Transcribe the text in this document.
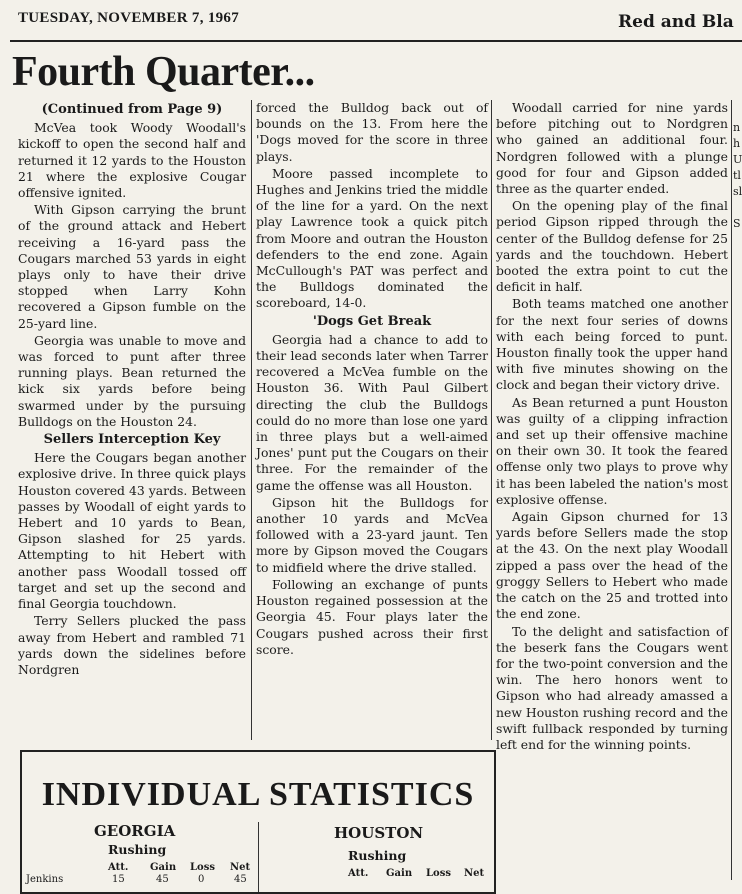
TUESDAY, NOVEMBER 7, 1967	Red and Bla
Fourth Quarter...
(Continued from Page 9)

McVea took Woody Woodall's kickoff to open the second half and returned it 12 yards to the Houston 21 where the explosive Cougar offensive ignited.

With Gipson carrying the brunt of the ground attack and Hebert receiving a 16-yard pass the Cougars marched 53 yards in eight plays only to have their drive stopped when Larry Kohn recovered a Gipson fumble on the 25-yard line.

Georgia was unable to move and was forced to punt after three running plays. Bean returned the kick six yards before being swarmed under by the pursuing Bulldogs on the Houston 24.

Sellers Interception Key

Here the Cougars began another explosive drive. In three quick plays Houston covered 43 yards. Between passes by Woodall of eight yards to Hebert and 10 yards to Bean, Gipson slashed for 25 yards. Attempting to hit Hebert with another pass Woodall tossed off target and set up the second and final Georgia touchdown.

Terry Sellers plucked the pass away from Hebert and rambled 71 yards down the sidelines before Nordgren

forced the Bulldog back out of bounds on the 13. From here the 'Dogs moved for the score in three plays.

Moore passed incomplete to Hughes and Jenkins tried the middle of the line for a yard. On the next play Lawrence took a quick pitch from Moore and outran the Houston defenders to the end zone. Again McCullough's PAT was perfect and the Bulldogs dominated the scoreboard, 14-0.

'Dogs Get Break

Georgia had a chance to add to their lead seconds later when Tarrer recovered a McVea fumble on the Houston 36. With Paul Gilbert directing the club the Bulldogs could do no more than lose one yard in three plays but a well-aimed Jones' punt put the Cougars on their three. For the remainder of the game the offense was all Houston.

Gipson hit the Bulldogs for another 10 yards and McVea followed with a 23-yard jaunt. Ten more by Gipson moved the Cougars to midfield where the drive stalled.

Following an exchange of punts Houston regained possession at the Georgia 45. Four plays later the Cougars pushed across their first score.

Woodall carried for nine yards before pitching out to Nordgren who gained an additional four. Nordgren followed with a plunge good for four and Gipson added three as the quarter ended.

On the opening play of the final period Gipson ripped through the center of the Bulldog defense for 25 yards and the touchdown. Hebert booted the extra point to cut the deficit in half.

Both teams matched one another for the next four series of downs with each being forced to punt. Houston finally took the upper hand with five minutes showing on the clock and began their victory drive.

As Bean returned a punt Houston was guilty of a clipping infraction and set up their offensive machine on their own 30. It took the feared offense only two plays to prove why it has been labeled the nation's most explosive offense.

Again Gipson churned for 13 yards before Sellers made the stop at the 43. On the next play Woodall zipped a pass over the head of the groggy Sellers to Hebert who made the catch on the 25 and trotted into the end zone.

To the delight and satisfaction of the beserk fans the Cougars went for the two-point conversion and the win. The hero honors went to Gipson who had already amassed a new Houston rushing record and the swift fullback responded by turning left end for the winning points.

n
h
U
tl
sl

S
INDIVIDUAL STATISTICS
GEORGIA
Rushing
Att. Gain Loss Net
Jenkins	15	45	0	45
HOUSTON
Rushing
Att. Gain Loss Net
